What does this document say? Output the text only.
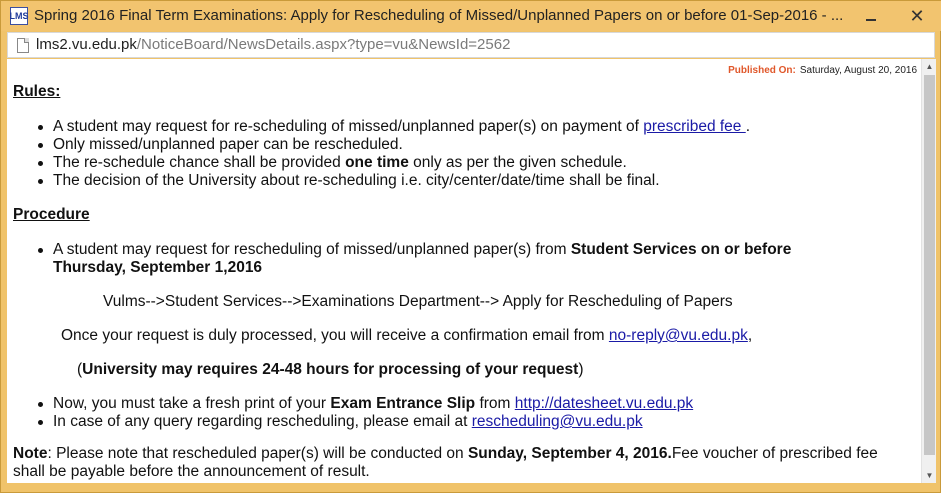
LMS Spring 2016 Final Term Examinations: Apply for Rescheduling of Missed/Unplanned Papers on or before 01-Sep-2016 - ...	✕
lms2.vu.edu.pk/NoticeBoard/NewsDetails.aspx?type=vu&NewsId=2562
Published On: Saturday, August 20, 2016
Rules:
A student may request for re-scheduling of missed/unplanned paper(s) on payment of prescribed fee .
Only missed/unplanned paper can be rescheduled.
The re-schedule chance shall be provided one time only as per the given schedule.
The decision of the University about re-scheduling i.e. city/center/date/time shall be final.
Procedure
A student may request for rescheduling of missed/unplanned paper(s) from Student Services on or before
Thursday, September 1,2016
Vulms-->Student Services-->Examinations Department--> Apply for Rescheduling of Papers
Once your request is duly processed, you will receive a confirmation email from no-reply@vu.edu.pk,
(University may requires 24-48 hours for processing of your request)
Now, you must take a fresh print of your Exam Entrance Slip from http://datesheet.vu.edu.pk
In case of any query regarding rescheduling, please email at rescheduling@vu.edu.pk
Note: Please note that rescheduled paper(s) will be conducted on Sunday, September 4, 2016.Fee voucher of prescribed fee
shall be payable before the announcement of result.
▲
▼
